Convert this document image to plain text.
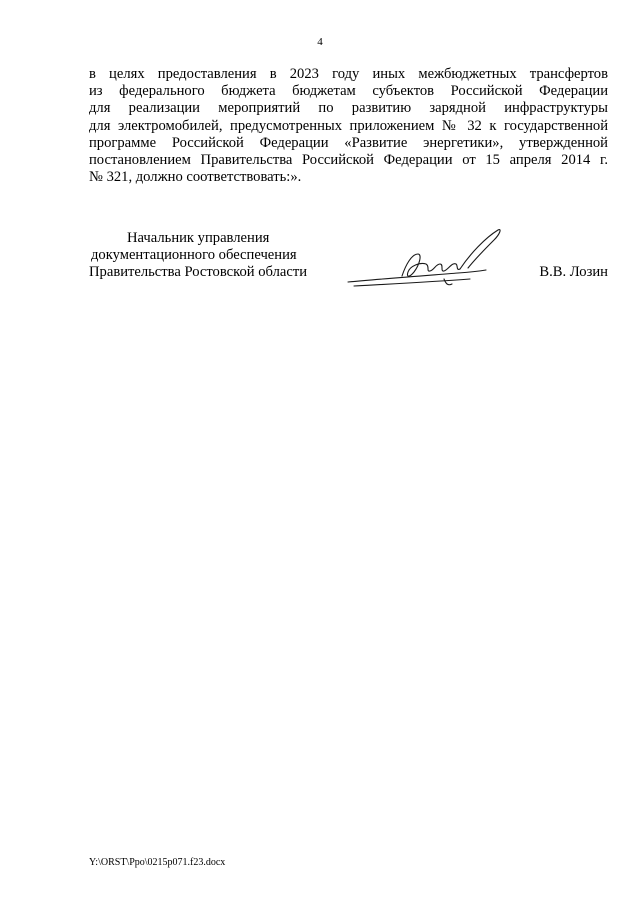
4
в целях предоставления в 2023 году иных межбюджетных трансфертов
из федерального бюджета бюджетам субъектов Российской Федерации
для реализации мероприятий по развитию зарядной инфраструктуры
для электромобилей, предусмотренных приложением № 32 к государственной
программе Российской Федерации «Развитие энергетики», утвержденной
постановлением Правительства Российской Федерации от 15 апреля 2014 г.
№ 321, должно соответствовать:».
Начальник управления
документационного обеспечения
Правительства Ростовской области	В.В. Лозин
Y:\ORST\Ppo\0215p071.f23.docx
